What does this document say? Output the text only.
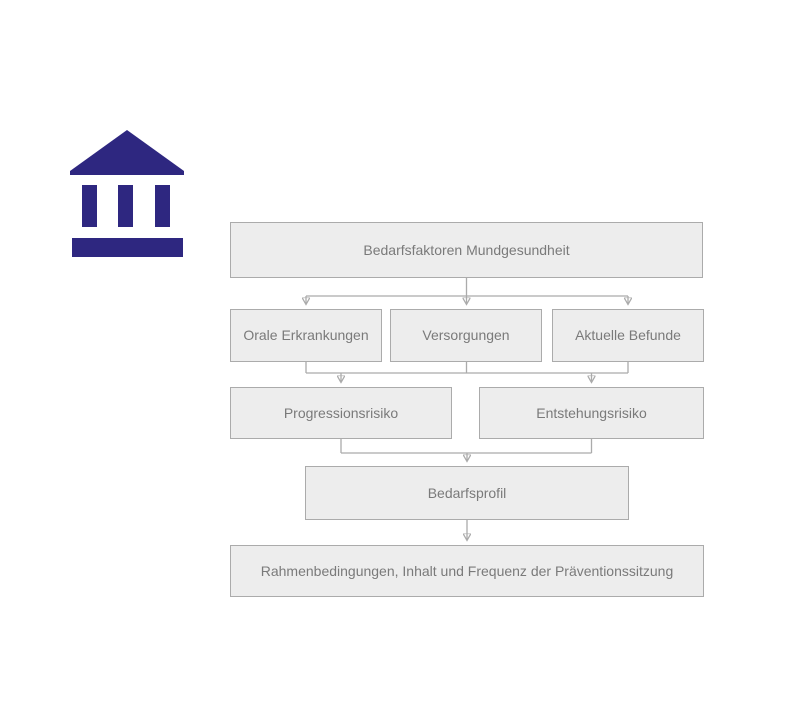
Bedarfsfaktoren Mundgesundheit
Orale Erkrankungen	Versorgungen	Aktuelle Befunde
Progressionsrisiko	Entstehungsrisiko
Bedarfsprofil
Rahmenbedingungen, Inhalt und Frequenz der Präventionssitzung
